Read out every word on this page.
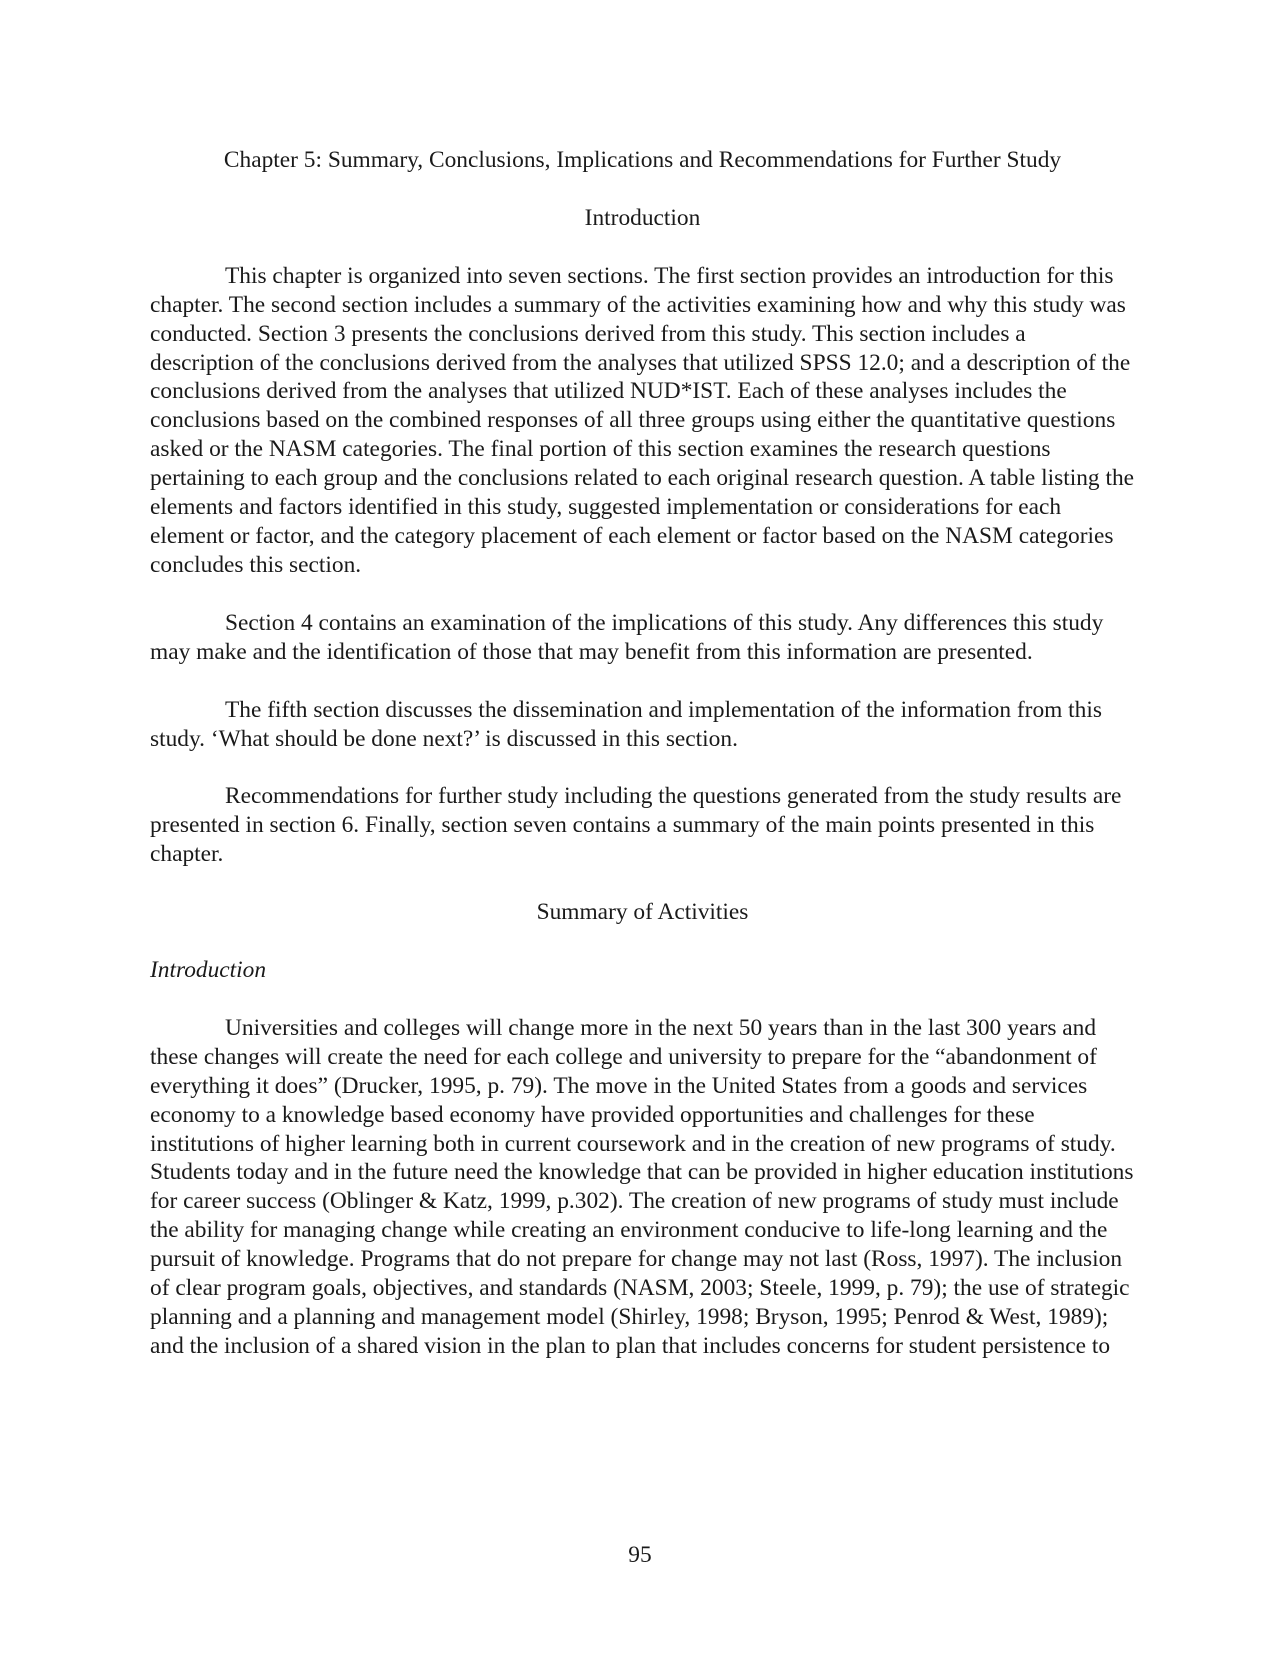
Chapter 5: Summary, Conclusions, Implications and Recommendations for Further Study

Introduction

This chapter is organized into seven sections. The first section provides an introduction for this chapter. The second section includes a summary of the activities examining how and why this study was conducted. Section 3 presents the conclusions derived from this study. This section includes a description of the conclusions derived from the analyses that utilized SPSS 12.0; and a description of the conclusions derived from the analyses that utilized NUD*IST. Each of these analyses includes the conclusions based on the combined responses of all three groups using either the quantitative questions asked or the NASM categories. The final portion of this section examines the research questions pertaining to each group and the conclusions related to each original research question. A table listing the elements and factors identified in this study, suggested implementation or considerations for each element or factor, and the category placement of each element or factor based on the NASM categories concludes this section.

Section 4 contains an examination of the implications of this study. Any differences this study may make and the identification of those that may benefit from this information are presented.

The fifth section discusses the dissemination and implementation of the information from this study. ‘What should be done next?’ is discussed in this section.

Recommendations for further study including the questions generated from the study results are presented in section 6. Finally, section seven contains a summary of the main points presented in this chapter.

Summary of Activities

Introduction

Universities and colleges will change more in the next 50 years than in the last 300 years and these changes will create the need for each college and university to prepare for the “abandonment of everything it does” (Drucker, 1995, p. 79). The move in the United States from a goods and services economy to a knowledge based economy have provided opportunities and challenges for these institutions of higher learning both in current coursework and in the creation of new programs of study. Students today and in the future need the knowledge that can be provided in higher education institutions for career success (Oblinger & Katz, 1999, p.302). The creation of new programs of study must include the ability for managing change while creating an environment conducive to life-long learning and the pursuit of knowledge. Programs that do not prepare for change may not last (Ross, 1997). The inclusion of clear program goals, objectives, and standards (NASM, 2003; Steele, 1999, p. 79); the use of strategic planning and a planning and management model (Shirley, 1998; Bryson, 1995; Penrod & West, 1989); and the inclusion of a shared vision in the plan to plan that includes concerns for student persistence to

95
